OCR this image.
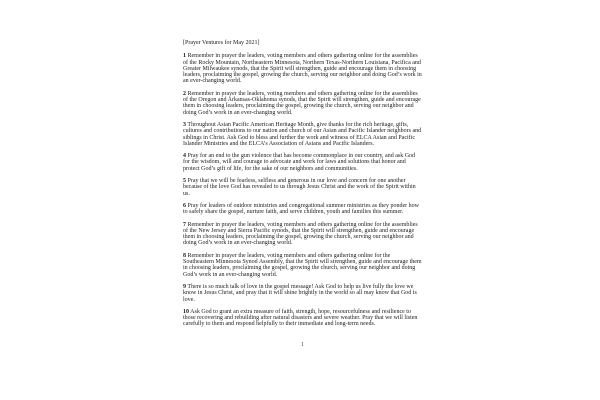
[Prayer Ventures for May 2021]

1 Remember in prayer the leaders, voting members and others gathering online for the assemblies of the Rocky Mountain, Northeastern Minnesota, Northern Texas-Northern Louisiana, Pacifica and Greater Milwaukee synods, that the Spirit will strengthen, guide and encourage them in choosing leaders, proclaiming the gospel, growing the church, serving our neighbor and doing God’s work in an ever-changing world.

2 Remember in prayer the leaders, voting members and others gathering online for the assemblies of the Oregon and Arkansas-Oklahoma synods, that the Spirit will strengthen, guide and encourage them in choosing leaders, proclaiming the gospel, growing the church, serving our neighbor and doing God’s work in an ever-changing world.

3 Throughout Asian Pacific American Heritage Month, give thanks for the rich heritage, gifts, cultures and contributions to our nation and church of our Asian and Pacific Islander neighbors and siblings in Christ. Ask God to bless and further the work and witness of ELCA Asian and Pacific Islander Ministries and the ELCA’s Association of Asians and Pacific Islanders.

4 Pray for an end to the gun violence that has become commonplace in our country, and ask God for the wisdom, will and courage to advocate and work for laws and solutions that honor and protect God’s gift of life, for the sake of our neighbors and communities.

5 Pray that we will be fearless, selfless and generous in our love and concern for one another because of the love God has revealed to us through Jesus Christ and the work of the Spirit within us.

6 Pray for leaders of outdoor ministries and congregational summer ministries as they ponder how to safely share the gospel, nurture faith, and serve children, youth and families this summer.

7 Remember in prayer the leaders, voting members and others gathering online for the assemblies of the New Jersey and Sierra Pacific synods, that the Spirit will strengthen, guide and encourage them in choosing leaders, proclaiming the gospel, growing the church, serving our neighbor and doing God’s work in an ever-changing world.

8 Remember in prayer the leaders, voting members and others gathering online for the Southeastern Minnesota Synod Assembly, that the Spirit will strengthen, guide and encourage them in choosing leaders, proclaiming the gospel, growing the church, serving our neighbor and doing God’s work in an ever-changing world.

9 There is so much talk of love in the gospel message! Ask God to help us live fully the love we know in Jesus Christ, and pray that it will shine brightly in the world so all may know that God is love.

10 Ask God to grant an extra measure of faith, strength, hope, resourcefulness and resilience to those recovering and rebuilding after natural disasters and severe weather. Pray that we will listen carefully to them and respond helpfully to their immediate and long-term needs.

1
